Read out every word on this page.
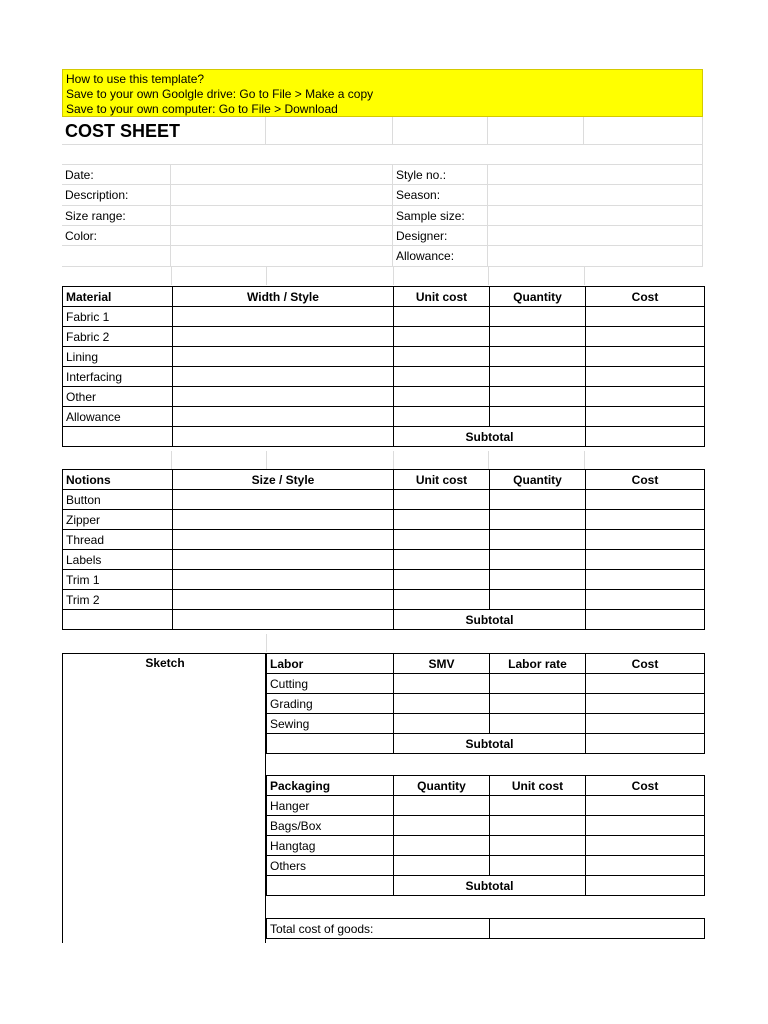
How to use this template?
Save to your own Goolgle drive: Go to File > Make a copy
Save to your own computer: Go to File > Download
COST SHEET
Date:	Style no.:
Description:	Season:
Size range:	Sample size:
Color:	Designer:
Allowance:
Material	Width / Style	Unit cost	Quantity	Cost
Fabric 1				
Fabric 2				
Lining				
Interfacing				
Other				
Allowance				
		Subtotal		
Notions	Size / Style	Unit cost	Quantity	Cost
Button				
Zipper				
Thread				
Labels				
Trim 1				
Trim 2				
		Subtotal		
Sketch	Labor	SMV	Labor rate	Cost
Cutting			
Grading			
Sewing			
	Subtotal		
Packaging	Quantity	Unit cost	Cost
Hanger			
Bags/Box			
Hangtag			
Others			
	Subtotal		
Total cost of goods:	
